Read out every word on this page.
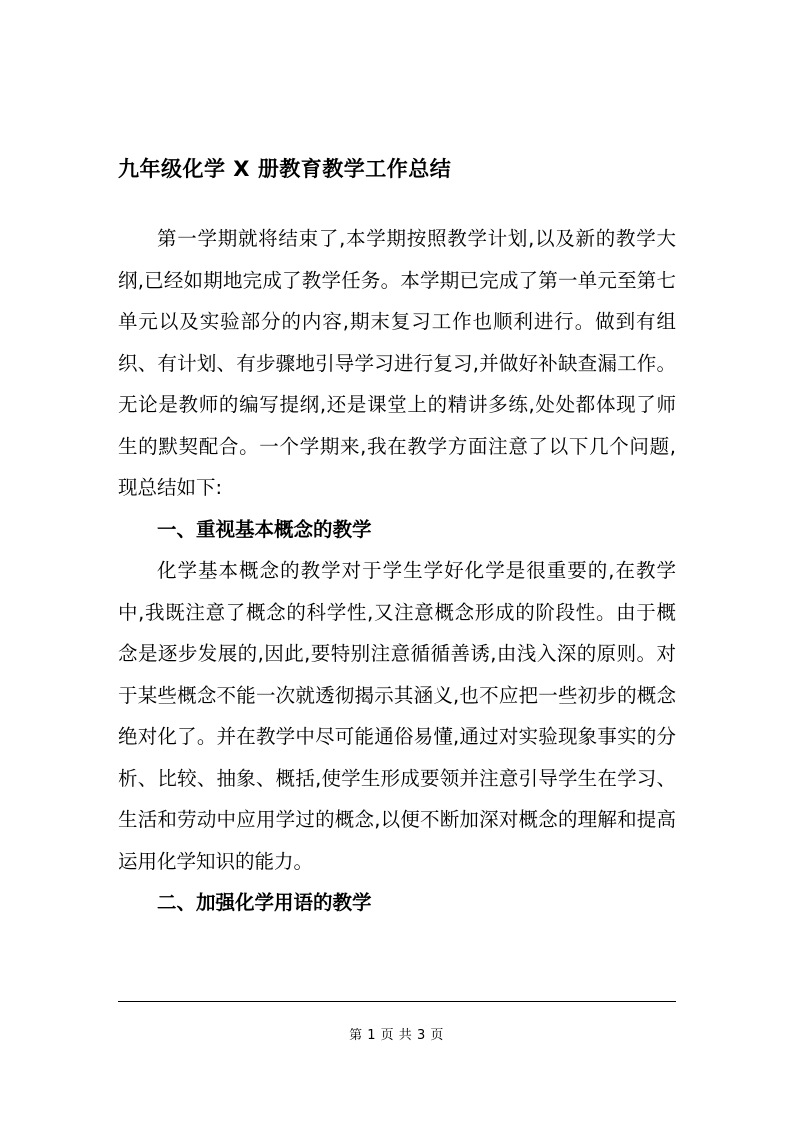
九年级化学 X 册教育教学工作总结

第一学期就将结束了,本学期按照教学计划,以及新的教学大纲,已经如期地完成了教学任务。本学期已完成了第一单元至第七单元以及实验部分的内容,期末复习工作也顺利进行。做到有组织、有计划、有步骤地引导学习进行复习,并做好补缺查漏工作。无论是教师的编写提纲,还是课堂上的精讲多练,处处都体现了师生的默契配合。一个学期来,我在教学方面注意了以下几个问题,现总结如下:

一、重视基本概念的教学

化学基本概念的教学对于学生学好化学是很重要的,在教学中,我既注意了概念的科学性,又注意概念形成的阶段性。由于概念是逐步发展的,因此,要特别注意循循善诱,由浅入深的原则。对于某些概念不能一次就透彻揭示其涵义,也不应把一些初步的概念绝对化了。并在教学中尽可能通俗易懂,通过对实验现象事实的分析、比较、抽象、概括,使学生形成要领并注意引导学生在学习、生活和劳动中应用学过的概念,以便不断加深对概念的理解和提高运用化学知识的能力。

二、加强化学用语的教学

第 1 页 共 3 页
